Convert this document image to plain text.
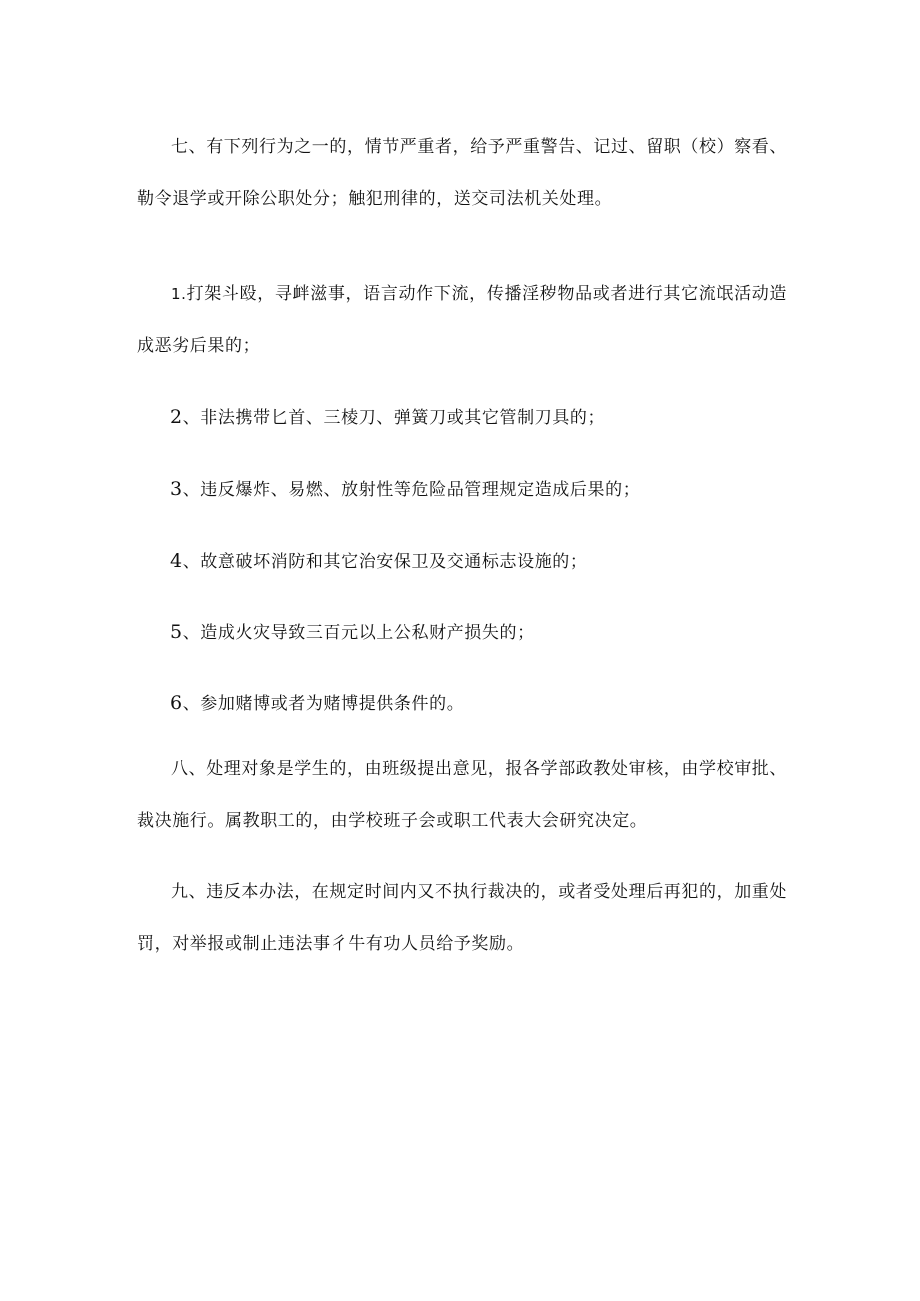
七、有下列行为之一的，情节严重者，给予严重警告、记过、留职（校）察看、勒令退学或开除公职处分；触犯刑律的，送交司法机关处理。

1.打架斗殴，寻衅滋事，语言动作下流，传播淫秽物品或者进行其它流氓活动造成恶劣后果的；

2、非法携带匕首、三棱刀、弹簧刀或其它管制刀具的；

3、违反爆炸、易燃、放射性等危险品管理规定造成后果的；

4、故意破坏消防和其它治安保卫及交通标志设施的；

5、造成火灾导致三百元以上公私财产损失的；

6、参加赌博或者为赌博提供条件的。

八、处理对象是学生的，由班级提出意见，报各学部政教处审核，由学校审批、裁决施行。属教职工的，由学校班子会或职工代表大会研究决定。

九、违反本办法，在规定时间内又不执行裁决的，或者受处理后再犯的，加重处罚，对举报或制止违法事彳牛有功人员给予奖励。
